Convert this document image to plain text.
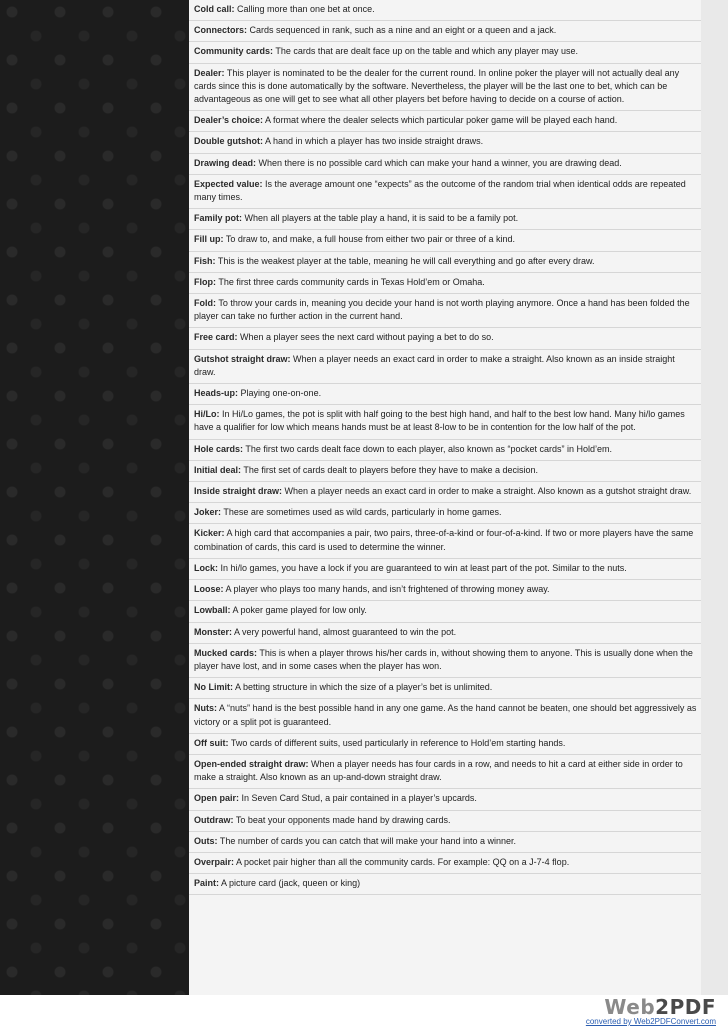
Cold call: Calling more than one bet at once.
Connectors: Cards sequenced in rank, such as a nine and an eight or a queen and a jack.
Community cards: The cards that are dealt face up on the table and which any player may use.
Dealer: This player is nominated to be the dealer for the current round. In online poker the player will not actually deal any cards since this is done automatically by the software. Nevertheless, the player will be the last one to bet, which can be advantageous as one will get to see what all other players bet before having to decide on a course of action.
Dealer’s choice: A format where the dealer selects which particular poker game will be played each hand.
Double gutshot: A hand in which a player has two inside straight draws.
Drawing dead: When there is no possible card which can make your hand a winner, you are drawing dead.
Expected value: Is the average amount one “expects” as the outcome of the random trial when identical odds are repeated many times.
Family pot: When all players at the table play a hand, it is said to be a family pot.
Fill up: To draw to, and make, a full house from either two pair or three of a kind.
Fish: This is the weakest player at the table, meaning he will call everything and go after every draw.
Flop: The first three cards community cards in Texas Hold’em or Omaha.
Fold: To throw your cards in, meaning you decide your hand is not worth playing anymore. Once a hand has been folded the player can take no further action in the current hand.
Free card: When a player sees the next card without paying a bet to do so.
Gutshot straight draw: When a player needs an exact card in order to make a straight. Also known as an inside straight draw.
Heads-up: Playing one-on-one.
Hi/Lo: In Hi/Lo games, the pot is split with half going to the best high hand, and half to the best low hand. Many hi/lo games have a qualifier for low which means hands must be at least 8-low to be in contention for the low half of the pot.
Hole cards: The first two cards dealt face down to each player, also known as “pocket cards” in Hold’em.
Initial deal: The first set of cards dealt to players before they have to make a decision.
Inside straight draw: When a player needs an exact card in order to make a straight. Also known as a gutshot straight draw.
Joker: These are sometimes used as wild cards, particularly in home games.
Kicker: A high card that accompanies a pair, two pairs, three-of-a-kind or four-of-a-kind. If two or more players have the same combination of cards, this card is used to determine the winner.
Lock: In hi/lo games, you have a lock if you are guaranteed to win at least part of the pot. Similar to the nuts.
Loose: A player who plays too many hands, and isn’t frightened of throwing money away.
Lowball: A poker game played for low only.
Monster: A very powerful hand, almost guaranteed to win the pot.
Mucked cards: This is when a player throws his/her cards in, without showing them to anyone. This is usually done when the player have lost, and in some cases when the player has won.
No Limit: A betting structure in which the size of a player’s bet is unlimited.
Nuts: A “nuts” hand is the best possible hand in any one game. As the hand cannot be beaten, one should bet aggressively as victory or a split pot is guaranteed.
Off suit: Two cards of different suits, used particularly in reference to Hold’em starting hands.
Open-ended straight draw: When a player needs has four cards in a row, and needs to hit a card at either side in order to make a straight. Also known as an up-and-down straight draw.
Open pair: In Seven Card Stud, a pair contained in a player’s upcards.
Outdraw: To beat your opponents made hand by drawing cards.
Outs: The number of cards you can catch that will make your hand into a winner.
Overpair: A pocket pair higher than all the community cards. For example: QQ on a J-7-4 flop.
Paint: A picture card (jack, queen or king)
Web2PDF
converted by Web2PDFConvert.com
